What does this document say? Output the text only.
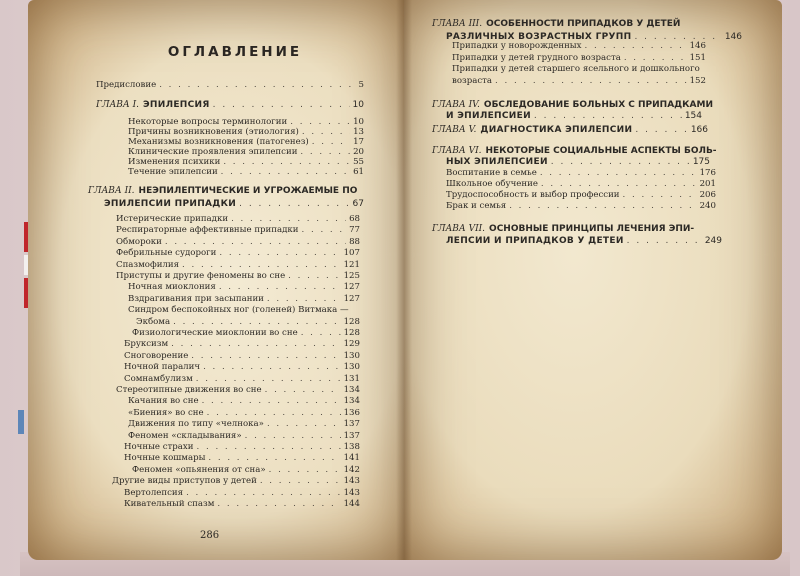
ОГЛАВЛЕНИЕ
Предисловие . . .	5
ГЛАВА I. ЭПИЛЕПСИЯ . . .	10
Некоторые вопросы терминологии . . .	10
Причины возникновения (этиология) . . .	13
Механизмы возникновения (патогенез) . . .	17
Клинические проявления эпилепсии . . .	20
Изменения психики . . .	55
Течение эпилепсии . . .	61
ГЛАВА II. НЕЭПИЛЕПТИЧЕСКИЕ И УГРОЖАЕМЫЕ ПО
ЭПИЛЕПСИИ ПРИПАДКИ . . .	67
Истерические припадки . . .	68
Респираторные аффективные припадки . . .	77
Обмороки . . .	88
Фебрильные судороги . . .	107
Спазмофилия . . .	121
Приступы и другие феномены во сне . . .	125
Ночная миоклония . . .	127
Вздрагивания при засыпании . . .	127
Синдром беспокойных ног (голеней) Витмака —
Экбома . . .	128
Физиологические миоклонии во сне . . .	128
Бруксизм . . .	129
Сноговорение . . .	130
Ночной паралич . . .	130
Сомнамбулизм . . .	131
Стереотипные движения во сне . . .	134
Качания во сне . . .	134
«Биения» во сне . . .	136
Движения по типу «челнока» . . .	137
Феномен «складывания» . . .	137
Ночные страхи . . .	138
Ночные кошмары . . .	141
Феномен «опьянения от сна» . . .	142
Другие виды приступов у детей . . .	143
Вертолепсия . . .	143
Кивательный спазм . . .	144
286
ГЛАВА III. ОСОБЕННОСТИ ПРИПАДКОВ У ДЕТЕЙ
РАЗЛИЧНЫХ ВОЗРАСТНЫХ ГРУПП . . .	146
Припадки у новорожденных . . .	146
Припадки у детей грудного возраста . . .	151
Припадки у детей старшего ясельного и дошкольного
возраста . . .	152
ГЛАВА IV. ОБСЛЕДОВАНИЕ БОЛЬНЫХ С ПРИПАДКАМИ
И ЭПИЛЕПСИЕЙ . . .	154
ГЛАВА V. ДИАГНОСТИКА ЭПИЛЕПСИИ . . .	166
ГЛАВА VI. НЕКОТОРЫЕ СОЦИАЛЬНЫЕ АСПЕКТЫ БОЛЬ-
НЫХ ЭПИЛЕПСИЕЙ . . .	175
Воспитание в семье . . .	176
Школьное обучение . . .	201
Трудоспособность и выбор профессии . . .	206
Брак и семья . . .	240
ГЛАВА VII. ОСНОВНЫЕ ПРИНЦИПЫ ЛЕЧЕНИЯ ЭПИ-
ЛЕПСИИ И ПРИПАДКОВ У ДЕТЕЙ . . .	249
